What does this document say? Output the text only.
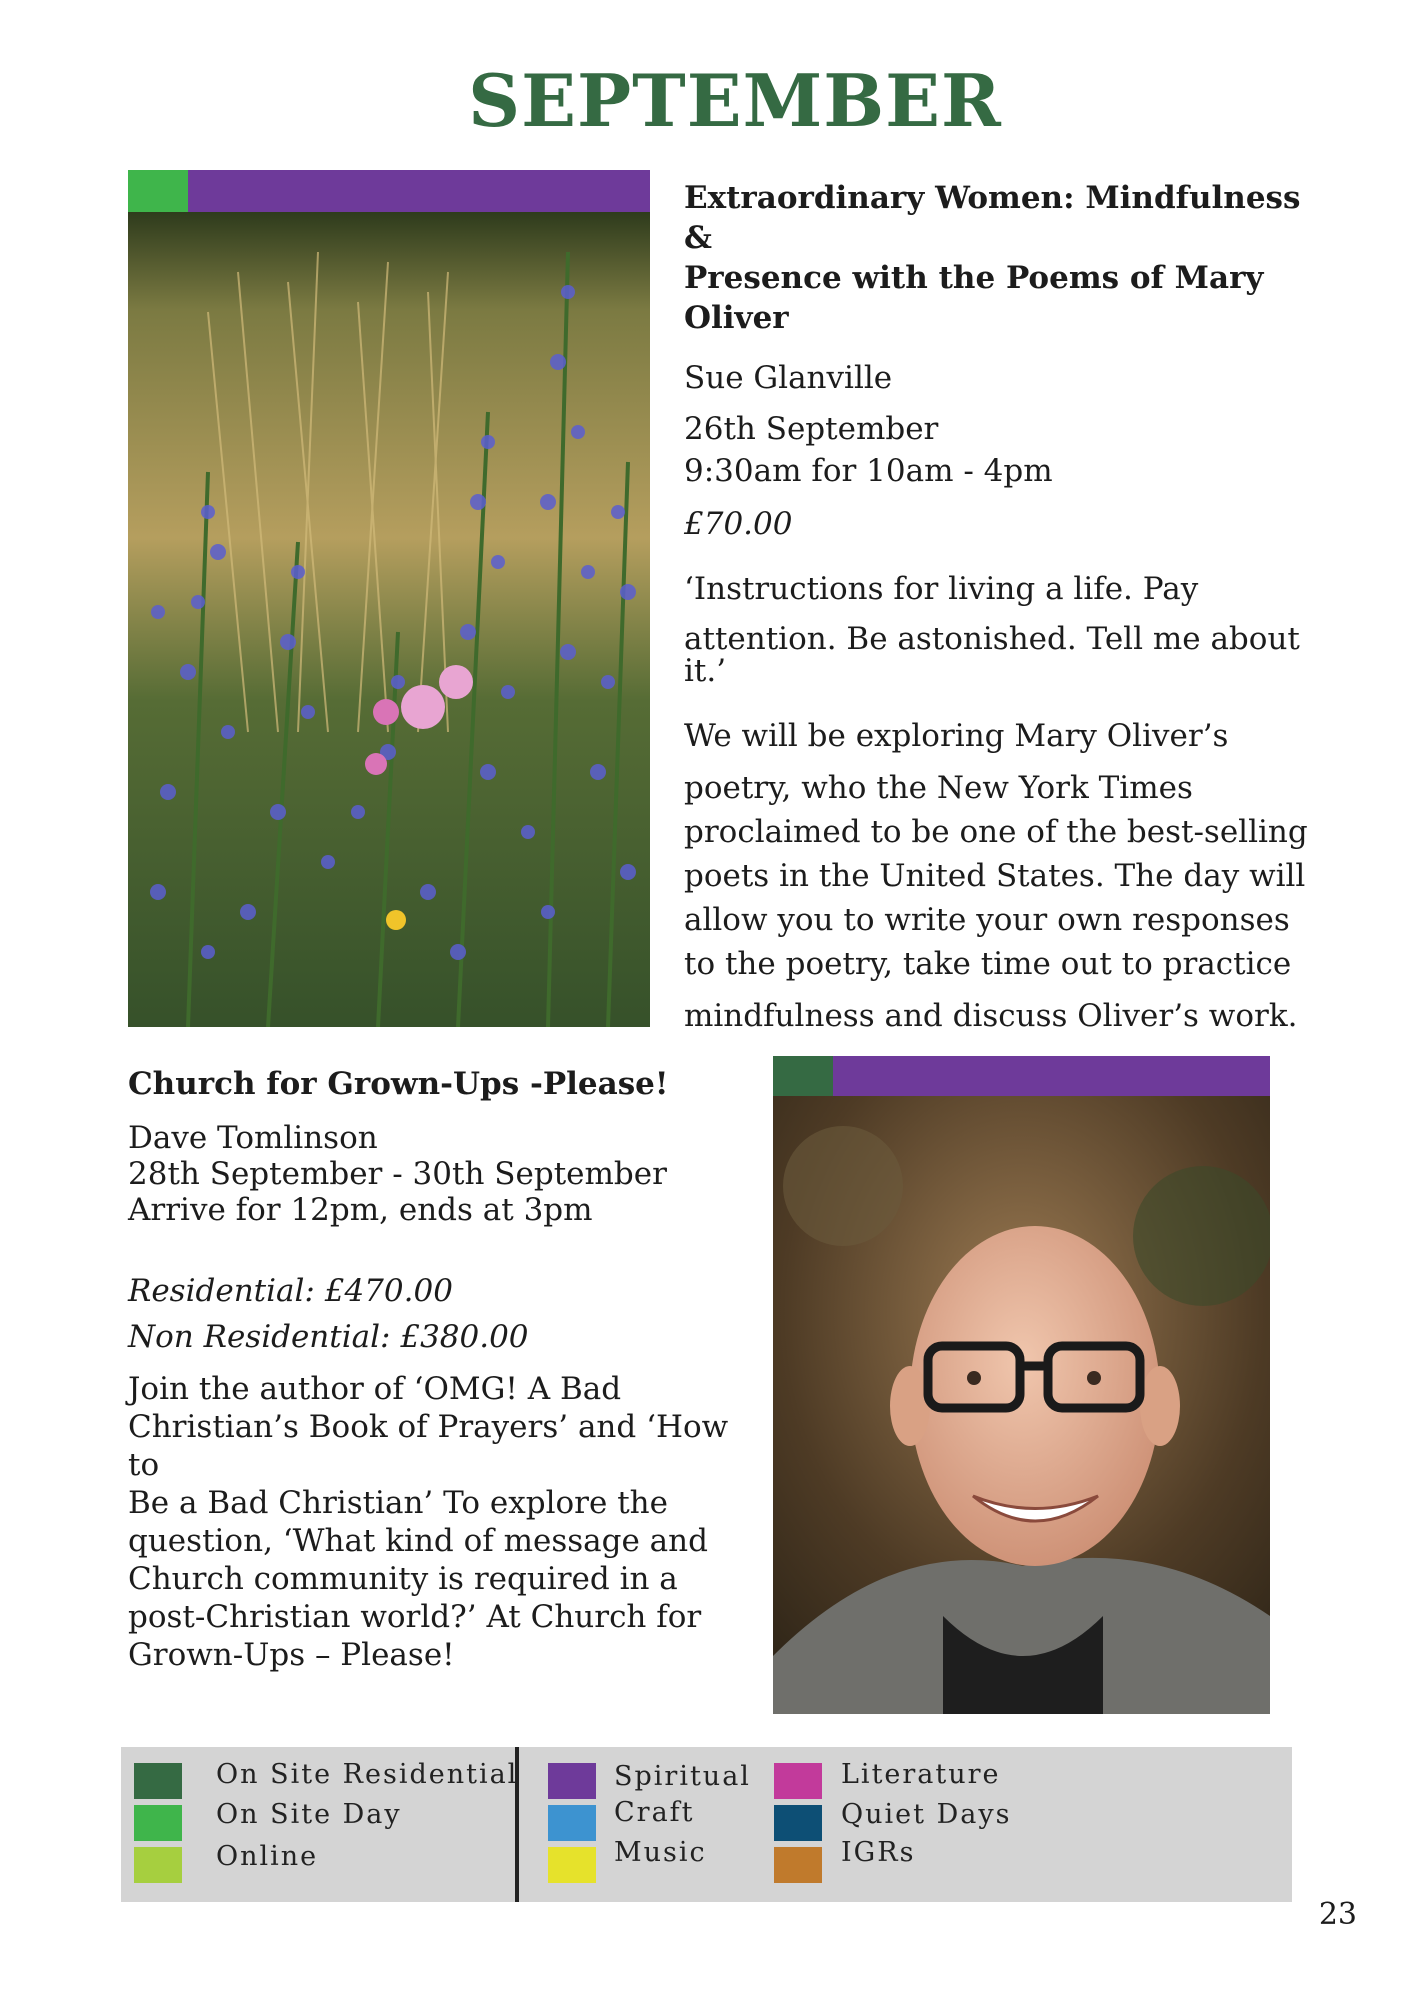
SEPTEMBER
Extraordinary Women: Mindfulness &
Presence with the Poems of Mary Oliver
Sue Glanville
26th September
9:30am for 10am - 4pm
£70.00
‘Instructions for living a life. Pay
attention. Be astonished. Tell me about
it.’
We will be exploring Mary Oliver’s
poetry, who the New York Times
proclaimed to be one of the best-selling
poets in the United States. The day will
allow you to write your own responses
to the poetry, take time out to practice
mindfulness and discuss Oliver’s work.
Church for Grown-Ups -Please!
Dave Tomlinson
28th September - 30th September
Arrive for 12pm, ends at 3pm
Residential: £470.00
Non Residential: £380.00
Join the author of ‘OMG! A Bad
Christian’s Book of Prayers’ and ‘How to
Be a Bad Christian’ To explore the
question, ‘What kind of message and
Church community is required in a
post-Christian world?’ At Church for
Grown-Ups – Please!
On Site Residential
On Site Day
Online
Spiritual
Craft
Music
Literature
Quiet Days
IGRs
23
